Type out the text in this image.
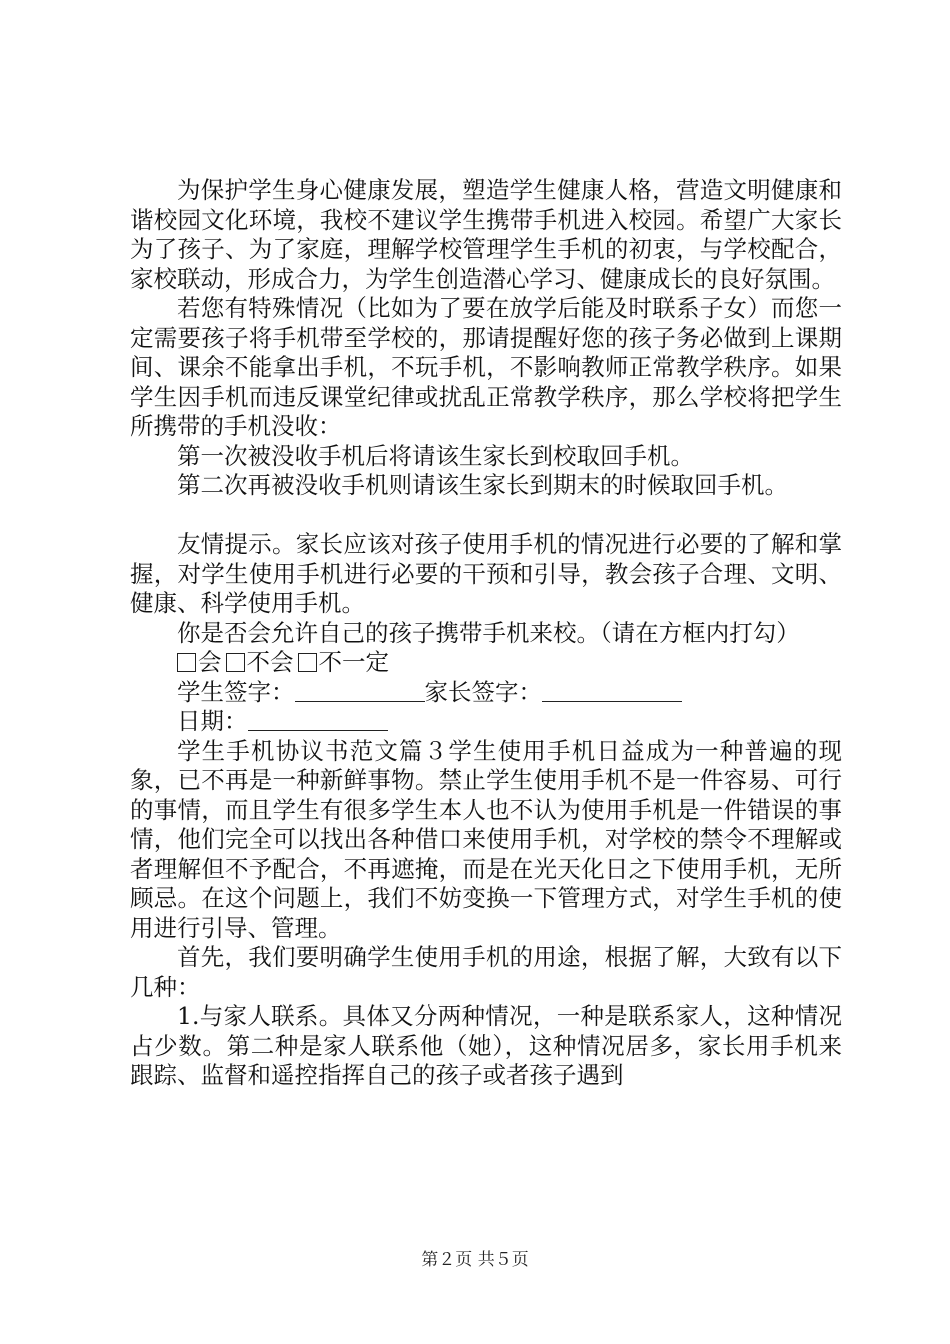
为保护学生身心健康发展，塑造学生健康人格，营造文明健康和谐校园文化环境，我校不建议学生携带手机进入校园。希望广大家长为了孩子、为了家庭，理解学校管理学生手机的初衷，与学校配合，家校联动，形成合力，为学生创造潜心学习、健康成长的良好氛围。

若您有特殊情况（比如为了要在放学后能及时联系子女）而您一定需要孩子将手机带至学校的，那请提醒好您的孩子务必做到上课期间、课余不能拿出手机，不玩手机，不影响教师正常教学秩序。如果学生因手机而违反课堂纪律或扰乱正常教学秩序，那么学校将把学生所携带的手机没收：

第一次被没收手机后将请该生家长到校取回手机。

第二次再被没收手机则请该生家长到期末的时候取回手机。

友情提示。家长应该对孩子使用手机的情况进行必要的了解和掌握，对学生使用手机进行必要的干预和引导，教会孩子合理、文明、健康、科学使用手机。

你是否会允许自己的孩子携带手机来校。（请在方框内打勾）

会 不会 不一定

学生签字：	家长签字：

日期：

学生手机协议书范文篇３学生使用手机日益成为一种普遍的现象，已不再是一种新鲜事物。禁止学生使用手机不是一件容易、可行的事情，而且学生有很多学生本人也不认为使用手机是一件错误的事情，他们完全可以找出各种借口来使用手机，对学校的禁令不理解或者理解但不予配合，不再遮掩，而是在光天化日之下使用手机，无所顾忌。在这个问题上，我们不妨变换一下管理方式，对学生手机的使用进行引导、管理。

首先，我们要明确学生使用手机的用途，根据了解，大致有以下几种：

1.与家人联系。具体又分两种情况，一种是联系家人，这种情况占少数。第二种是家人联系他（她），这种情况居多，家长用手机来跟踪、监督和遥控指挥自己的孩子或者孩子遇到

第２页 共５页
